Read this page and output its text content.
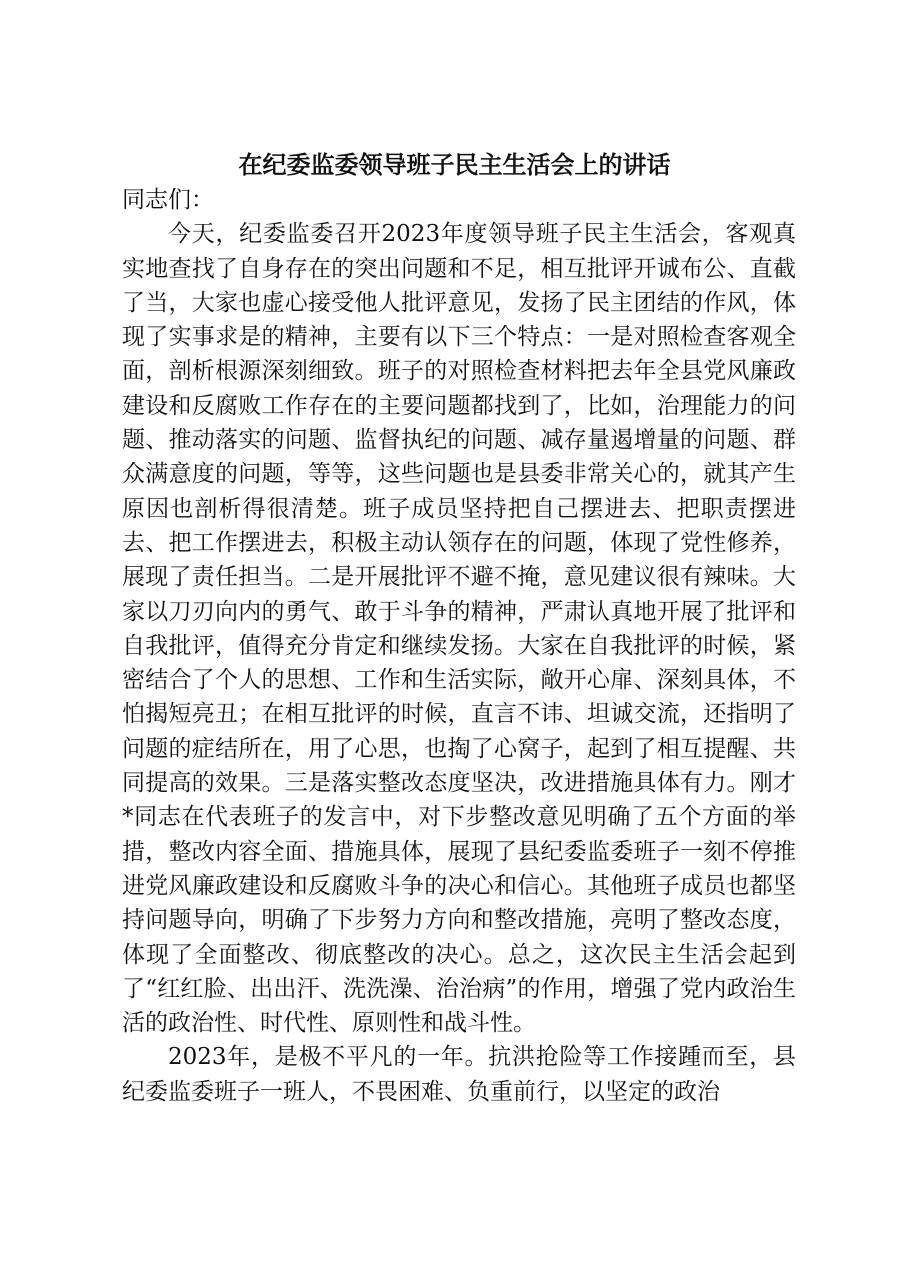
在纪委监委领导班子民主生活会上的讲话

同志们：

今天，纪委监委召开2023年度领导班子民主生活会，客观真实地查找了自身存在的突出问题和不足，相互批评开诚布公、直截了当，大家也虚心接受他人批评意见，发扬了民主团结的作风，体现了实事求是的精神，主要有以下三个特点：一是对照检查客观全面，剖析根源深刻细致。班子的对照检查材料把去年全县党风廉政建设和反腐败工作存在的主要问题都找到了，比如，治理能力的问题、推动落实的问题、监督执纪的问题、减存量遏增量的问题、群众满意度的问题，等等，这些问题也是县委非常关心的，就其产生原因也剖析得很清楚。班子成员坚持把自己摆进去、把职责摆进去、把工作摆进去，积极主动认领存在的问题，体现了党性修养，展现了责任担当。二是开展批评不避不掩，意见建议很有辣味。大家以刀刃向内的勇气、敢于斗争的精神，严肃认真地开展了批评和自我批评，值得充分肯定和继续发扬。大家在自我批评的时候，紧密结合了个人的思想、工作和生活实际，敞开心扉、深刻具体，不怕揭短亮丑；在相互批评的时候，直言不讳、坦诚交流，还指明了问题的症结所在，用了心思，也掏了心窝子，起到了相互提醒、共同提高的效果。三是落实整改态度坚决，改进措施具体有力。刚才*同志在代表班子的发言中，对下步整改意见明确了五个方面的举措，整改内容全面、措施具体，展现了县纪委监委班子一刻不停推进党风廉政建设和反腐败斗争的决心和信心。其他班子成员也都坚持问题导向，明确了下步努力方向和整改措施，亮明了整改态度，体现了全面整改、彻底整改的决心。总之，这次民主生活会起到了“红红脸、出出汗、洗洗澡、治治病”的作用，增强了党内政治生活的政治性、时代性、原则性和战斗性。

2023年，是极不平凡的一年。抗洪抢险等工作接踵而至，县纪委监委班子一班人，不畏困难、负重前行，以坚定的政治
